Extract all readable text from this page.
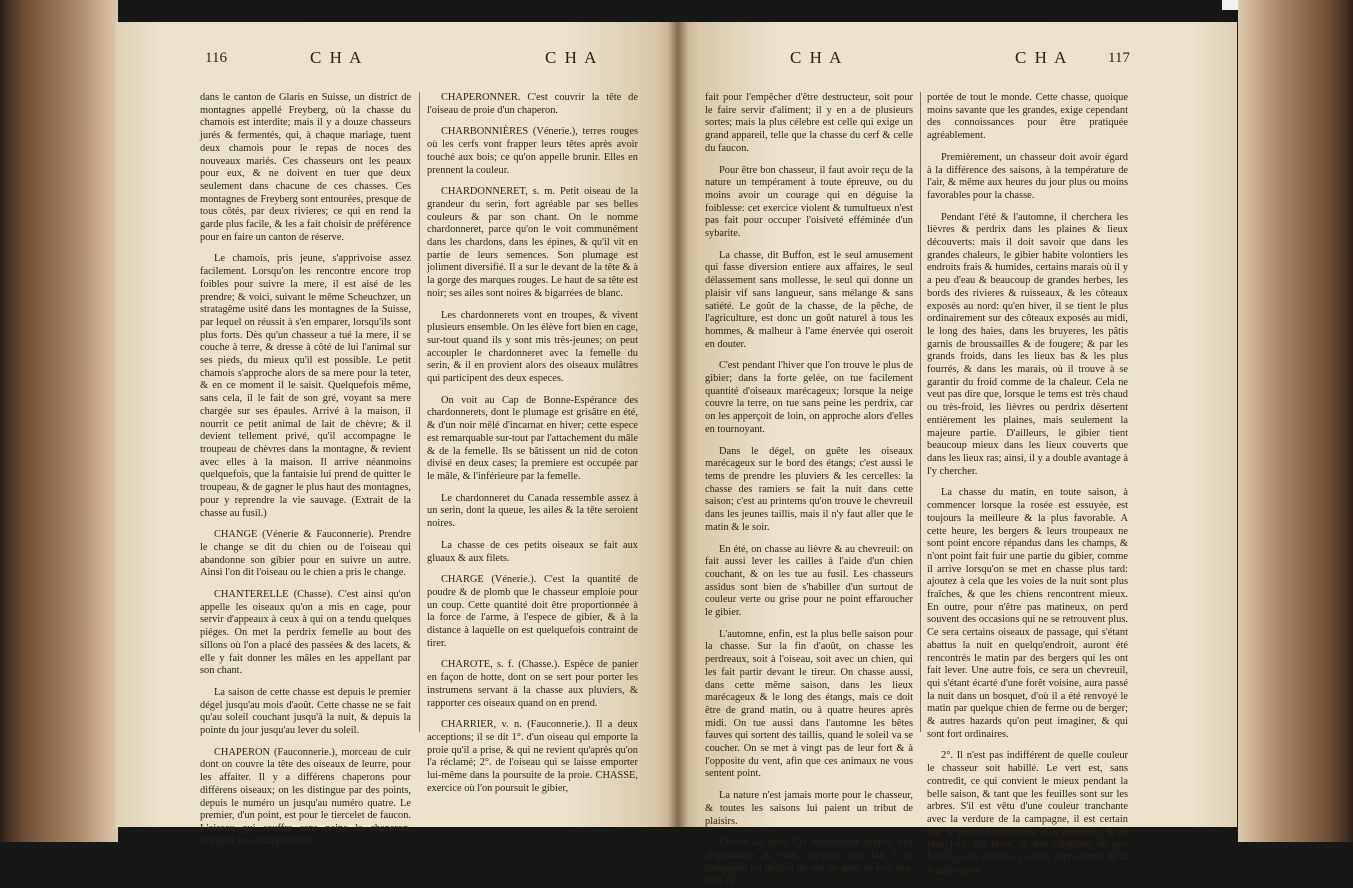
116	C H A	C H A	C H A	C H A	117

dans le canton de Glaris en Suisse, un district de montagnes appellé Freyberg, où la chasse du chamois est interdite; mais il y a douze chasseurs jurés & fermentés, qui, à chaque mariage, tuent deux chamois pour le repas de noces des nouveaux mariés. Ces chasseurs ont les peaux pour eux, & ne doivent en tuer que deux seulement dans chacune de ces chasses. Ces montagnes de Freyberg sont entourées, presque de tous côtés, par deux rivieres; ce qui en rend la garde plus facile, & les a fait choisir de préférence pour en faire un canton de réserve.

Le chamois, pris jeune, s'apprivoise assez facilement. Lorsqu'on les rencontre encore trop foibles pour suivre la mere, il est aisé de les prendre; & voici, suivant le même Scheuchzer, un stratagême usité dans les montagnes de la Suisse, par lequel on réussit à s'en emparer, lorsqu'ils sont plus forts. Dès qu'un chasseur a tué la mere, il se couche à terre, & dresse à côté de lui l'animal sur ses pieds, du mieux qu'il est possible. Le petit chamois s'approche alors de sa mere pour la teter, & en ce moment il le saisit. Quelquefois même, sans cela, il le fait de son gré, voyant sa mere chargée sur ses épaules. Arrivé à la maison, il nourrit ce petit animal de lait de chèvre; & il devient tellement privé, qu'il accompagne le troupeau de chèvres dans la montagne, & revient avec elles à la maison. Il arrive néanmoins quelquefois, que la fantaisie lui prend de quitter le troupeau, & de gagner le plus haut des montagnes, pour y reprendre la vie sauvage. (Extrait de la chasse au fusil.)

CHANGE (Vénerie & Fauconnerie). Prendre le change se dit du chien ou de l'oiseau qui abandonne son gibier pour en suivre un autre. Ainsi l'on dit l'oiseau ou le chien a pris le change.

CHANTERELLE (Chasse). C'est ainsi qu'on appelle les oiseaux qu'on a mis en cage, pour servir d'appeaux à ceux à qui on a tendu quelques piéges. On met la perdrix femelle au bout des sillons où l'on a placé des passées & des lacets, & elle y fait donner les mâles en les appellant par son chant.

La saison de cette chasse est depuis le premier dégel jusqu'au mois d'août. Cette chasse ne se fait qu'au soleil couchant jusqu'à la nuit, & depuis la pointe du jour jusqu'au lever du soleil.

CHAPERON (Fauconnerie.), morceau de cuir dont on couvre la tête des oiseaux de leurre, pour les affaiter. Il y a différens chaperons pour différens oiseaux; on les distingue par des points, depuis le numéro un jusqu'au numéro quatre. Le premier, d'un point, est pour le tiercelet de faucon. L'oiseau qui souffre sans peine le chaperon, s'appelle bon chaperonnier.

CHAPERONNER. C'est couvrir la tête de l'oiseau de proie d'un chaperon.

CHARBONNIÈRES (Vénerie.), terres rouges où les cerfs vont frapper leurs têtes après avoir touché aux bois; ce qu'on appelle brunir. Elles en prennent la couleur.

CHARDONNERET, s. m. Petit oiseau de la grandeur du serin, fort agréable par ses belles couleurs & par son chant. On le nomme chardonneret, parce qu'on le voit communément dans les chardons, dans les épines, & qu'il vit en partie de leurs semences. Son plumage est joliment diversifié. Il a sur le devant de la tête & à la gorge des marques rouges. Le haut de sa tête est noir; ses ailes sont noires & bigarrées de blanc.

Les chardonnerets vont en troupes, & vivent plusieurs ensemble. On les élève fort bien en cage, sur-tout quand ils y sont mis très-jeunes; on peut accoupler le chardonneret avec la femelle du serin, & il en provient alors des oiseaux mulâtres qui participent des deux especes.

On voit au Cap de Bonne-Espérance des chardonnerets, dont le plumage est grisâtre en été, & d'un noir mêlé d'incarnat en hiver; cette espece est remarquable sur-tout par l'attachement du mâle & de la femelle. Ils se bâtissent un nid de coton divisé en deux cases; la premiere est occupée par le mâle, & l'inférieure par la femelle.

Le chardonneret du Canada ressemble assez à un serin, dont la queue, les ailes & la tête seroient noires.

La chasse de ces petits oiseaux se fait aux gluaux & aux filets.

CHARGE (Vénerie.). C'est la quantité de poudre & de plomb que le chasseur emploie pour un coup. Cette quantité doit être proportionnée à la force de l'arme, à l'espece de gibier, & à la distance à laquelle on est quelquefois contraint de tirer.

CHAROTE, s. f. (Chasse.). Espèce de panier en façon de hotte, dont on se sert pour porter les instrumens servant à la chasse aux pluviers, & rapporter ces oiseaux quand on en prend.

CHARRIER, v. n. (Fauconnerie.). Il a deux acceptions; il se dit 1°. d'un oiseau qui emporte la proie qu'il a prise, & qui ne revient qu'après qu'on l'a réclamé; 2°. de l'oiseau qui se laisse emporter lui-même dans la poursuite de la proie. CHASSE, exercice où l'on poursuit le gibier,

fait pour l'empêcher d'être destructeur, soit pour le faire servir d'aliment; il y en a de plusieurs sortes; mais la plus célebre est celle qui exige un grand appareil, telle que la chasse du cerf & celle du faucon.

Pour être bon chasseur, il faut avoir reçu de la nature un tempérament à toute épreuve, ou du moins avoir un courage qui en déguise la foiblesse: cet exercice violent & tumultueux n'est pas fait pour occuper l'oisiveté efféminée d'un sybarite.

La chasse, dit Buffon, est le seul amusement qui fasse diversion entiere aux affaires, le seul délassement sans mollesse, le seul qui donne un plaisir vif sans langueur, sans mélange & sans satiété. Le goût de la chasse, de la pêche, de l'agriculture, est donc un goût naturel à tous les hommes, & malheur à l'ame énervée qui oseroit en douter.

C'est pendant l'hiver que l'on trouve le plus de gibier; dans la forte gelée, on tue facilement quantité d'oiseaux marécageux; lorsque la neige couvre la terre, on tue sans peine les perdrix, car on les apperçoit de loin, on approche alors d'elles en tournoyant.

Dans le dégel, on guête les oiseaux marécageux sur le bord des étangs; c'est aussi le tems de prendre les pluviers & les cercelles: la chasse des ramiers se fait la nuit dans cette saison; c'est au printems qu'on trouve le chevreuil dans les jeunes taillis, mais il n'y faut aller que le matin & le soir.

En été, on chasse au lièvre & au chevreuil: on fait aussi lever les cailles à l'aide d'un chien couchant, & on les tue au fusil. Les chasseurs assidus sont bien de s'habiller d'un surtout de couleur verte ou grise pour ne point effaroucher le gibier.

L'automne, enfin, est la plus belle saison pour la chasse. Sur la fin d'août, on chasse les perdreaux, soit à l'oiseau, soit avec un chien, qui les fait partir devant le tireur. On chasse aussi, dans cette même saison, dans les lieux marécageux & le long des étangs, mais ce doit être de grand matin, ou à quatre heures après midi. On tue aussi dans l'automne les bêtes fauves qui sortent des taillis, quand le soleil va se coucher. On se met à vingt pas de leur fort & à l'opposite du vent, afin que ces animaux ne vous sentent point.

La nature n'est jamais morte pour le chasseur, & toutes les saisons lui paient un tribut de plaisirs.

Chasse au fusil. Cet amusement simple, peu dispendieux & sans appareil, qui fait à la campagne les délices de tant de gens de tout état, est à la

portée de tout le monde. Cette chasse, quoique moins savante que les grandes, exige cependant des connoissances pour être pratiquée agréablement.

Premièrement, un chasseur doit avoir égard à la différence des saisons, à la température de l'air, & même aux heures du jour plus ou moins favorables pour la chasse.

Pendant l'été & l'automne, il cherchera les lièvres & perdrix dans les plaines & lieux découverts: mais il doit savoir que dans les grandes chaleurs, le gibier habite volontiers les endroits frais & humides, certains marais où il y a peu d'eau & beaucoup de grandes herbes, les bords des rivieres & ruisseaux, & les côteaux exposés au nord: qu'en hiver, il se tient le plus ordinairement sur des côteaux exposés au midi, le long des haies, dans les bruyeres, les pâtis garnis de broussailles & de fougere; & par les grands froids, dans les lieux bas & les plus fourrés, & dans les marais, où il trouve à se garantir du froid comme de la chaleur. Cela ne veut pas dire que, lorsque le tems est très chaud ou très-froid, les lièvres ou perdrix désertent entièrement les plaines, mais seulement la majeure partie. D'ailleurs, le gibier tient beaucoup mieux dans les lieux couverts que dans les lieux ras; ainsi, il y a double avantage à l'y chercher.

La chasse du matin, en toute saison, à commencer lorsque la rosée est essuyée, est toujours la meilleure & la plus favorable. A cette heure, les bergers & leurs troupeaux ne sont point encore répandus dans les champs, & n'ont point fait fuir une partie du gibier, comme il arrive lorsqu'on se met en chasse plus tard: ajoutez à cela que les voies de la nuit sont plus fraîches, & que les chiens rencontrent mieux. En outre, pour n'être pas matineux, on perd souvent des occasions qui ne se retrouvent plus. Ce sera certains oiseaux de passage, qui s'étant abattus la nuit en quelqu'endroit, auront été rencontrés le matin par des bergers qui les ont fait lever. Une autre fois, ce sera un chevreuil, qui s'étant écarté d'une forêt voisine, aura passé la nuit dans un bosquet, d'où il a été renvoyé le matin par quelque chien de ferme ou de berger; & autres hazards qu'on peut imaginer, & qui sont fort ordinaires.

2°. Il n'est pas indifférent de quelle couleur le chasseur soit habillé. Le vert est, sans contredit, ce qui convient le mieux pendant la belle saison, & tant que les feuilles sont sur les arbres. S'il est vêtu d'une couleur tranchante avec la verdure de la campagne, il est certain que le gibier l'appercevra plus aisément, & de plus loin. En hiver, il doit s'habiller de gris foncé, ou de quelque couleur approchante de la feuille morte.
